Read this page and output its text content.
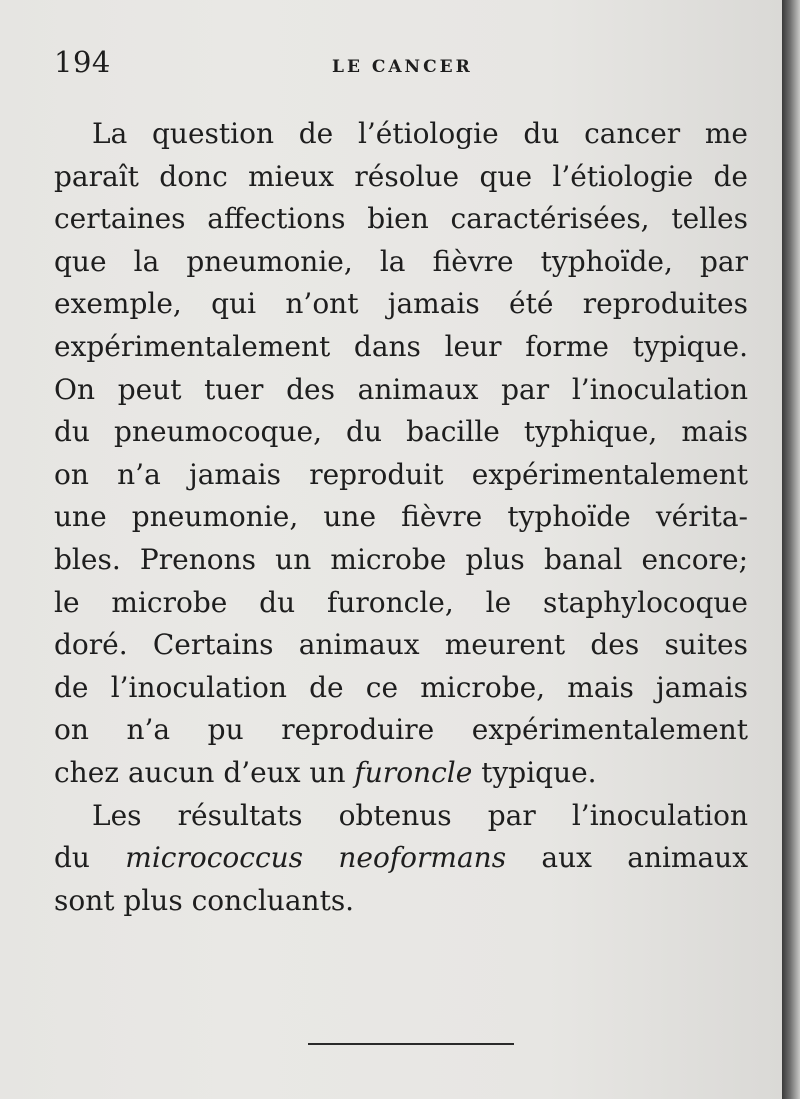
194	LE CANCER
La question de l’étiologie du cancer me
paraît donc mieux résolue que l’étiologie de
certaines affections bien caractérisées, telles
que la pneumonie, la fièvre typhoïde, par
exemple, qui n’ont jamais été reproduites
expérimentalement dans leur forme typique.
On peut tuer des animaux par l’inoculation
du pneumocoque, du bacille typhique, mais
on n’a jamais reproduit expérimentalement
une pneumonie, une fièvre typhoïde vérita-
bles. Prenons un microbe plus banal encore;
le microbe du furoncle, le staphylocoque
doré. Certains animaux meurent des suites
de l’inoculation de ce microbe, mais jamais
on n’a pu reproduire expérimentalement
chez aucun d’eux un furoncle typique.
Les résultats obtenus par l’inoculation
du micrococcus neoformans aux animaux
sont plus concluants.
